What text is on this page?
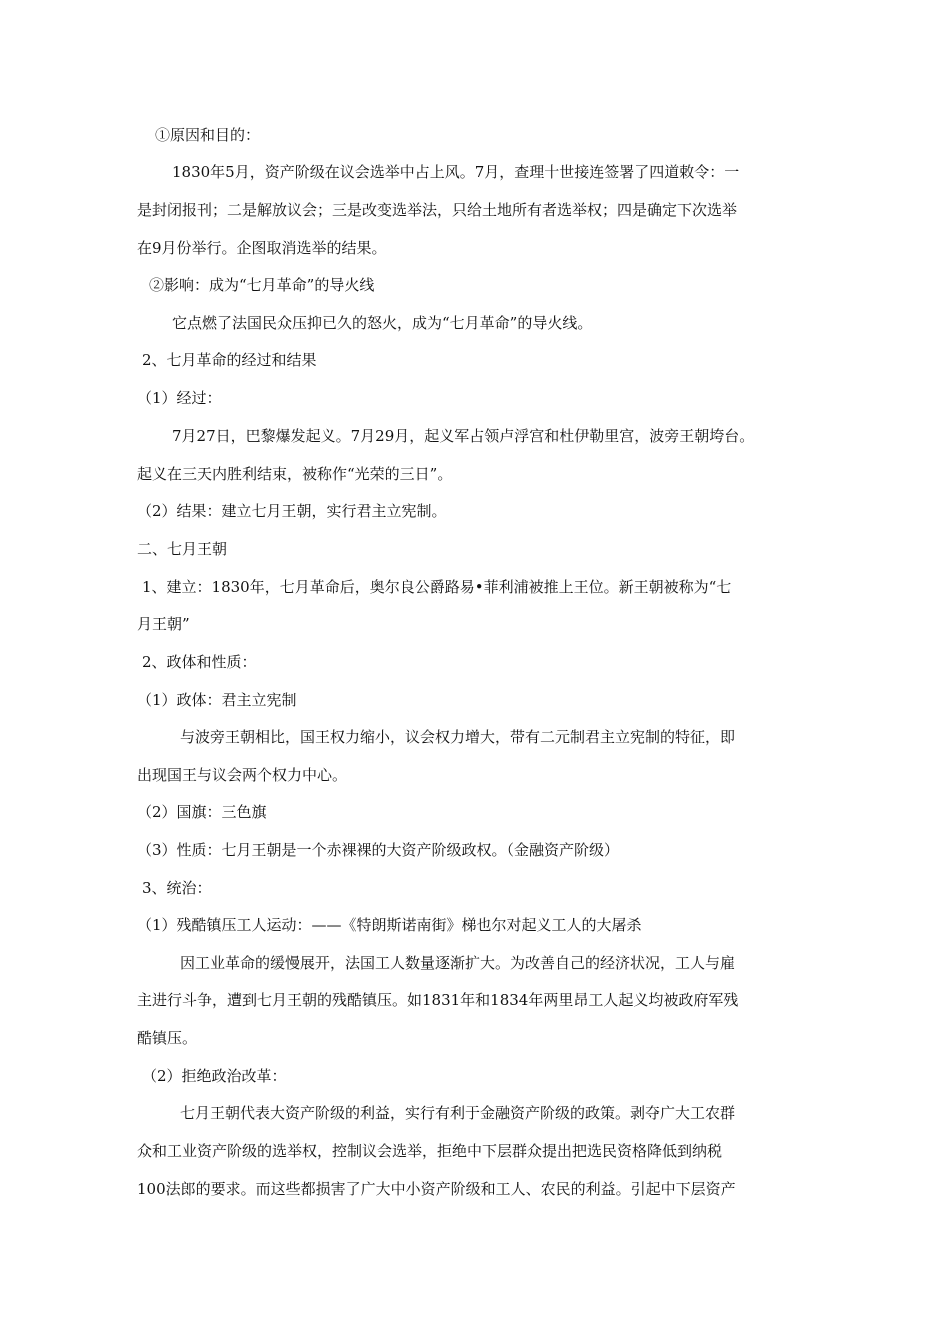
①原因和目的：
1830年5月，资产阶级在议会选举中占上风。7月，查理十世接连签署了四道敕令：一
是封闭报刊；二是解放议会；三是改变选举法，只给土地所有者选举权；四是确定下次选举
在9月份举行。企图取消选举的结果。
②影响：成为“七月革命”的导火线
它点燃了法国民众压抑已久的怒火，成为“七月革命”的导火线。
2、七月革命的经过和结果
（1）经过：
7月27日，巴黎爆发起义。7月29月，起义军占领卢浮宫和杜伊勒里宫，波旁王朝垮台。
起义在三天内胜利结束，被称作“光荣的三日”。
（2）结果：建立七月王朝，实行君主立宪制。
二、七月王朝
1、建立：1830年，七月革命后，奥尔良公爵路易•菲利浦被推上王位。新王朝被称为“七
月王朝”
2、政体和性质：
（1）政体：君主立宪制
与波旁王朝相比，国王权力缩小，议会权力增大，带有二元制君主立宪制的特征，即
出现国王与议会两个权力中心。
（2）国旗：三色旗
（3）性质：七月王朝是一个赤裸裸的大资产阶级政权。（金融资产阶级）
3、统治：
（1）残酷镇压工人运动：——《特朗斯诺南街》梯也尔对起义工人的大屠杀
因工业革命的缓慢展开，法国工人数量逐渐扩大。为改善自己的经济状况，工人与雇
主进行斗争，遭到七月王朝的残酷镇压。如1831年和1834年两里昂工人起义均被政府军残
酷镇压。
（2）拒绝政治改革：
七月王朝代表大资产阶级的利益，实行有利于金融资产阶级的政策。剥夺广大工农群
众和工业资产阶级的选举权，控制议会选举，拒绝中下层群众提出把选民资格降低到纳税
100法郎的要求。而这些都损害了广大中小资产阶级和工人、农民的利益。引起中下层资产
